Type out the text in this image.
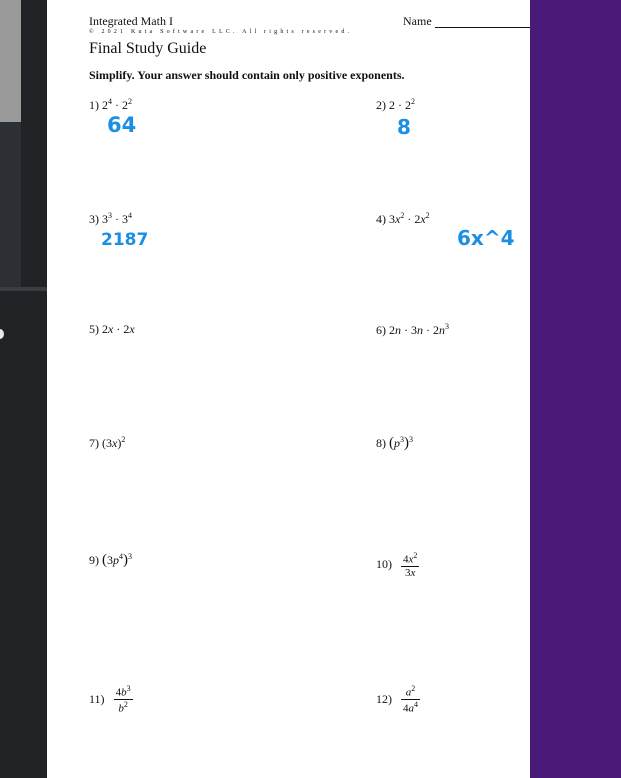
Integrated Math I	Name
© 2021 Kuta Software LLC. All rights reserved.
Final Study Guide
Simplify. Your answer should contain only positive exponents.
1) $2^4 \cdot 2^2$
64
2) $2 \cdot 2^2$
8
3) $3^3 \cdot 3^4$
2187
4) $3x^2 \cdot 2x^2$
6x^4
5) 2x · 2x	6) $2n \cdot 3n \cdot 2n^3$
7) $(3x)^2$	8) $(p^3)^3$
9) $(3p^4)^3$
$10) \frac{4x^2}{3x}$
$11) \frac{4b^3}{b^2}$	$12) \frac{a^2}{4a^4}$
